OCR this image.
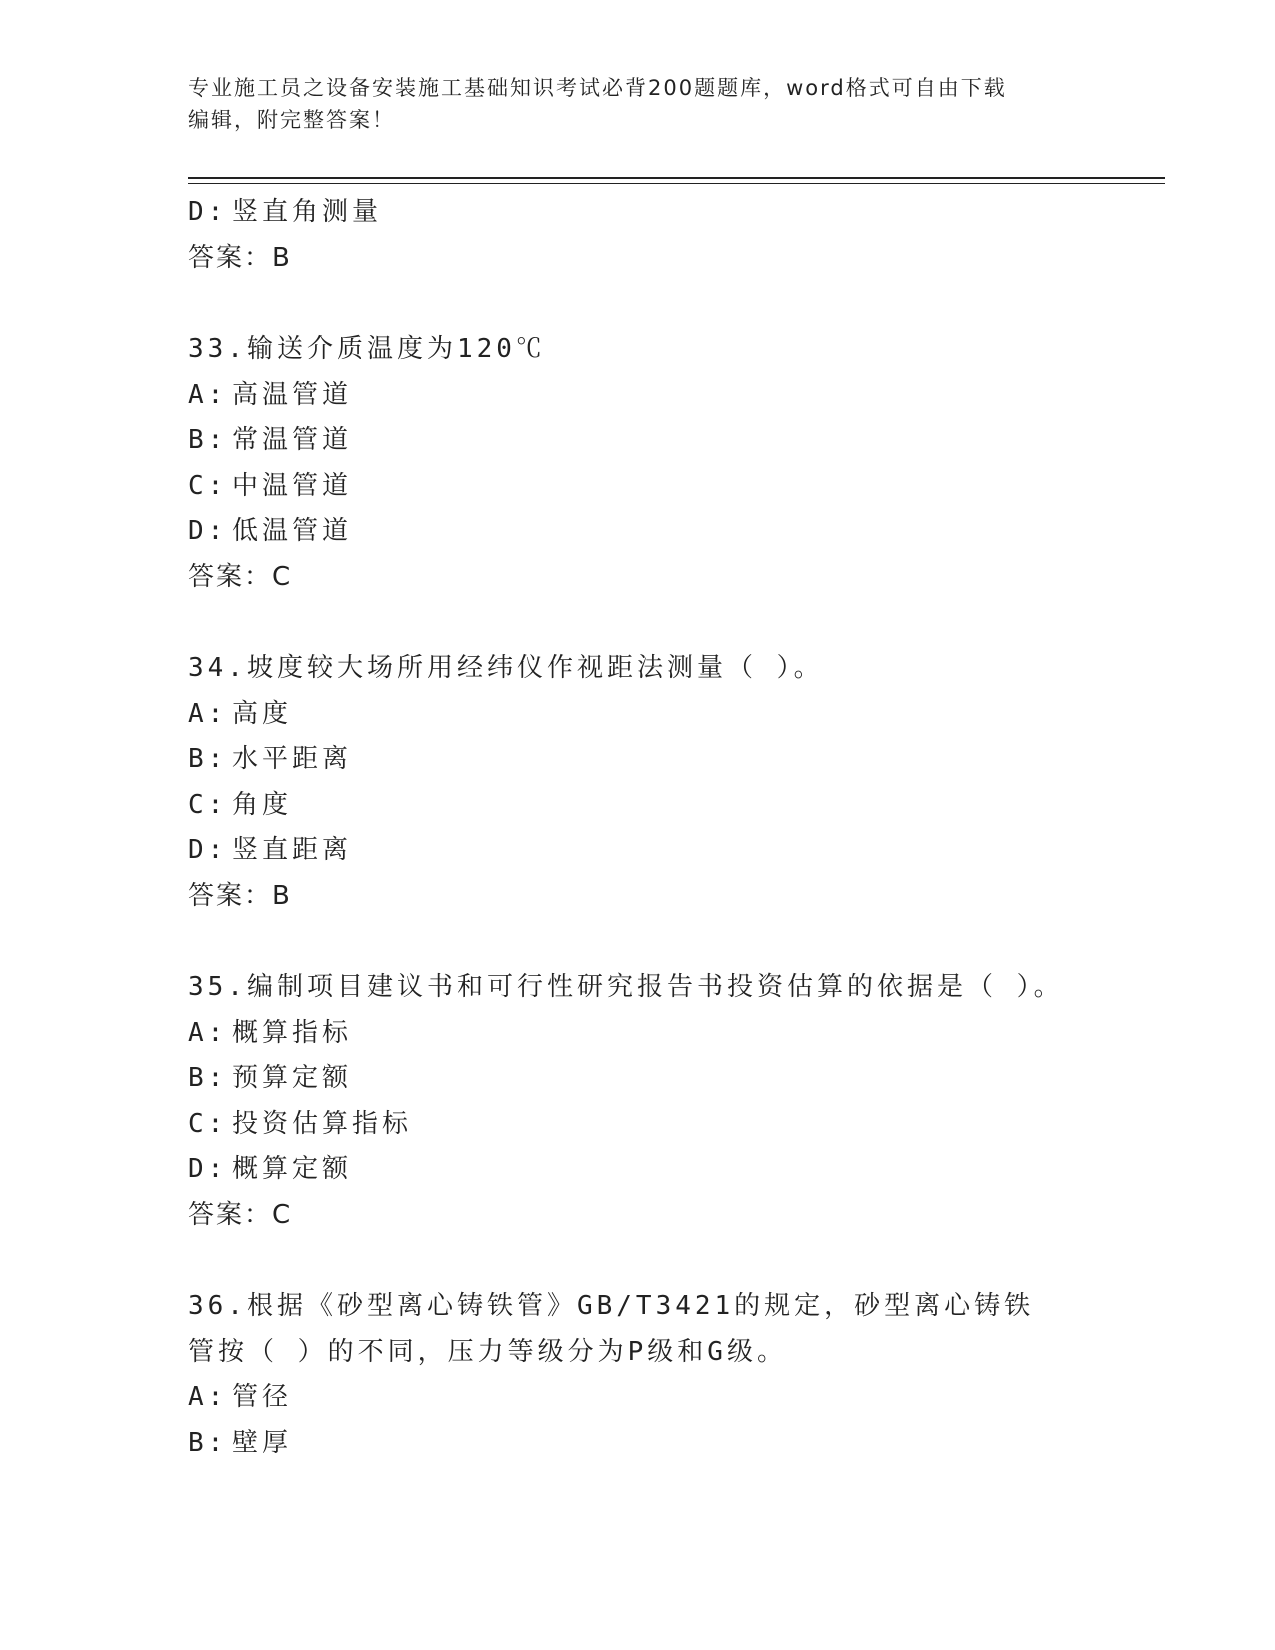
专业施工员之设备安装施工基础知识考试必背200题题库，word格式可自由下载
编辑，附完整答案！
D: 竖直角测量
答案：B
33.输送介质温度为120℃
A: 高温管道
B: 常温管道
C: 中温管道
D: 低温管道
答案：C
34.坡度较大场所用经纬仪作视距法测量（ ）。
A: 高度
B: 水平距离
C: 角度
D: 竖直距离
答案：B
35.编制项目建议书和可行性研究报告书投资估算的依据是（ ）。
A: 概算指标
B: 预算定额
C: 投资估算指标
D: 概算定额
答案：C
36.根据《砂型离心铸铁管》GB/T3421的规定，砂型离心铸铁管按（ ）的不同，压力等级分为P级和G级。
A: 管径
B: 壁厚
